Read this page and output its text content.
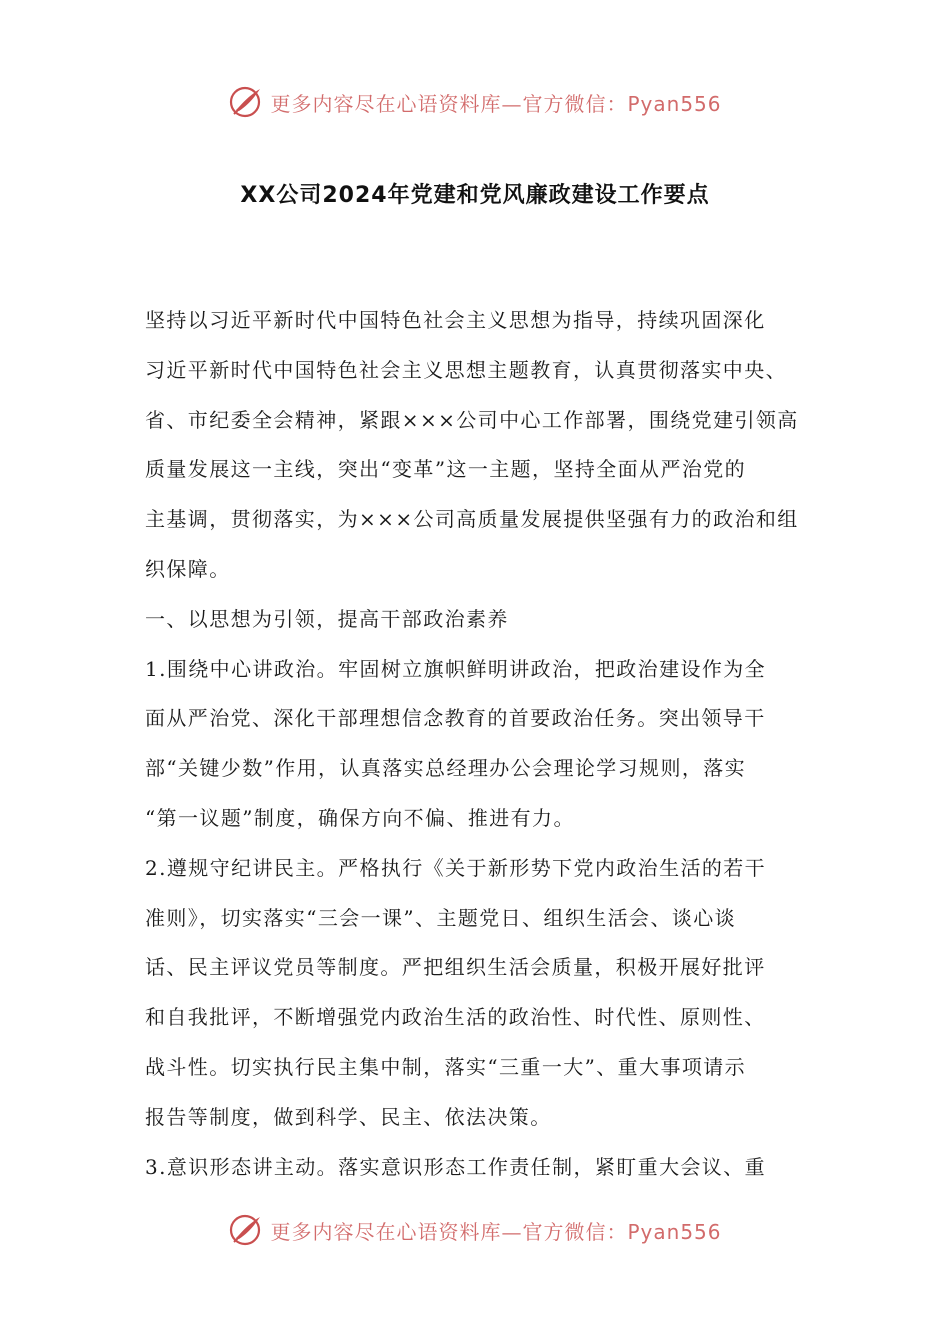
更多内容尽在心语资料库—官方微信：Pyan556
XX公司2024年党建和党风廉政建设工作要点

坚持以习近平新时代中国特色社会主义思想为指导，持续巩固深化

习近平新时代中国特色社会主义思想主题教育，认真贯彻落实中央、

省、市纪委全会精神，紧跟×××公司中心工作部署，围绕党建引领高

质量发展这一主线，突出“变革”这一主题，坚持全面从严治党的

主基调，贯彻落实，为×××公司高质量发展提供坚强有力的政治和组

织保障。

一、以思想为引领，提高干部政治素养

1.围绕中心讲政治。牢固树立旗帜鲜明讲政治，把政治建设作为全

面从严治党、深化干部理想信念教育的首要政治任务。突出领导干

部“关键少数”作用，认真落实总经理办公会理论学习规则，落实

“第一议题”制度，确保方向不偏、推进有力。

2.遵规守纪讲民主。严格执行《关于新形势下党内政治生活的若干

准则》，切实落实“三会一课”、主题党日、组织生活会、谈心谈

话、民主评议党员等制度。严把组织生活会质量，积极开展好批评

和自我批评，不断增强党内政治生活的政治性、时代性、原则性、

战斗性。切实执行民主集中制，落实“三重一大”、重大事项请示

报告等制度，做到科学、民主、依法决策。

3.意识形态讲主动。落实意识形态工作责任制，紧盯重大会议、重

更多内容尽在心语资料库—官方微信：Pyan556
